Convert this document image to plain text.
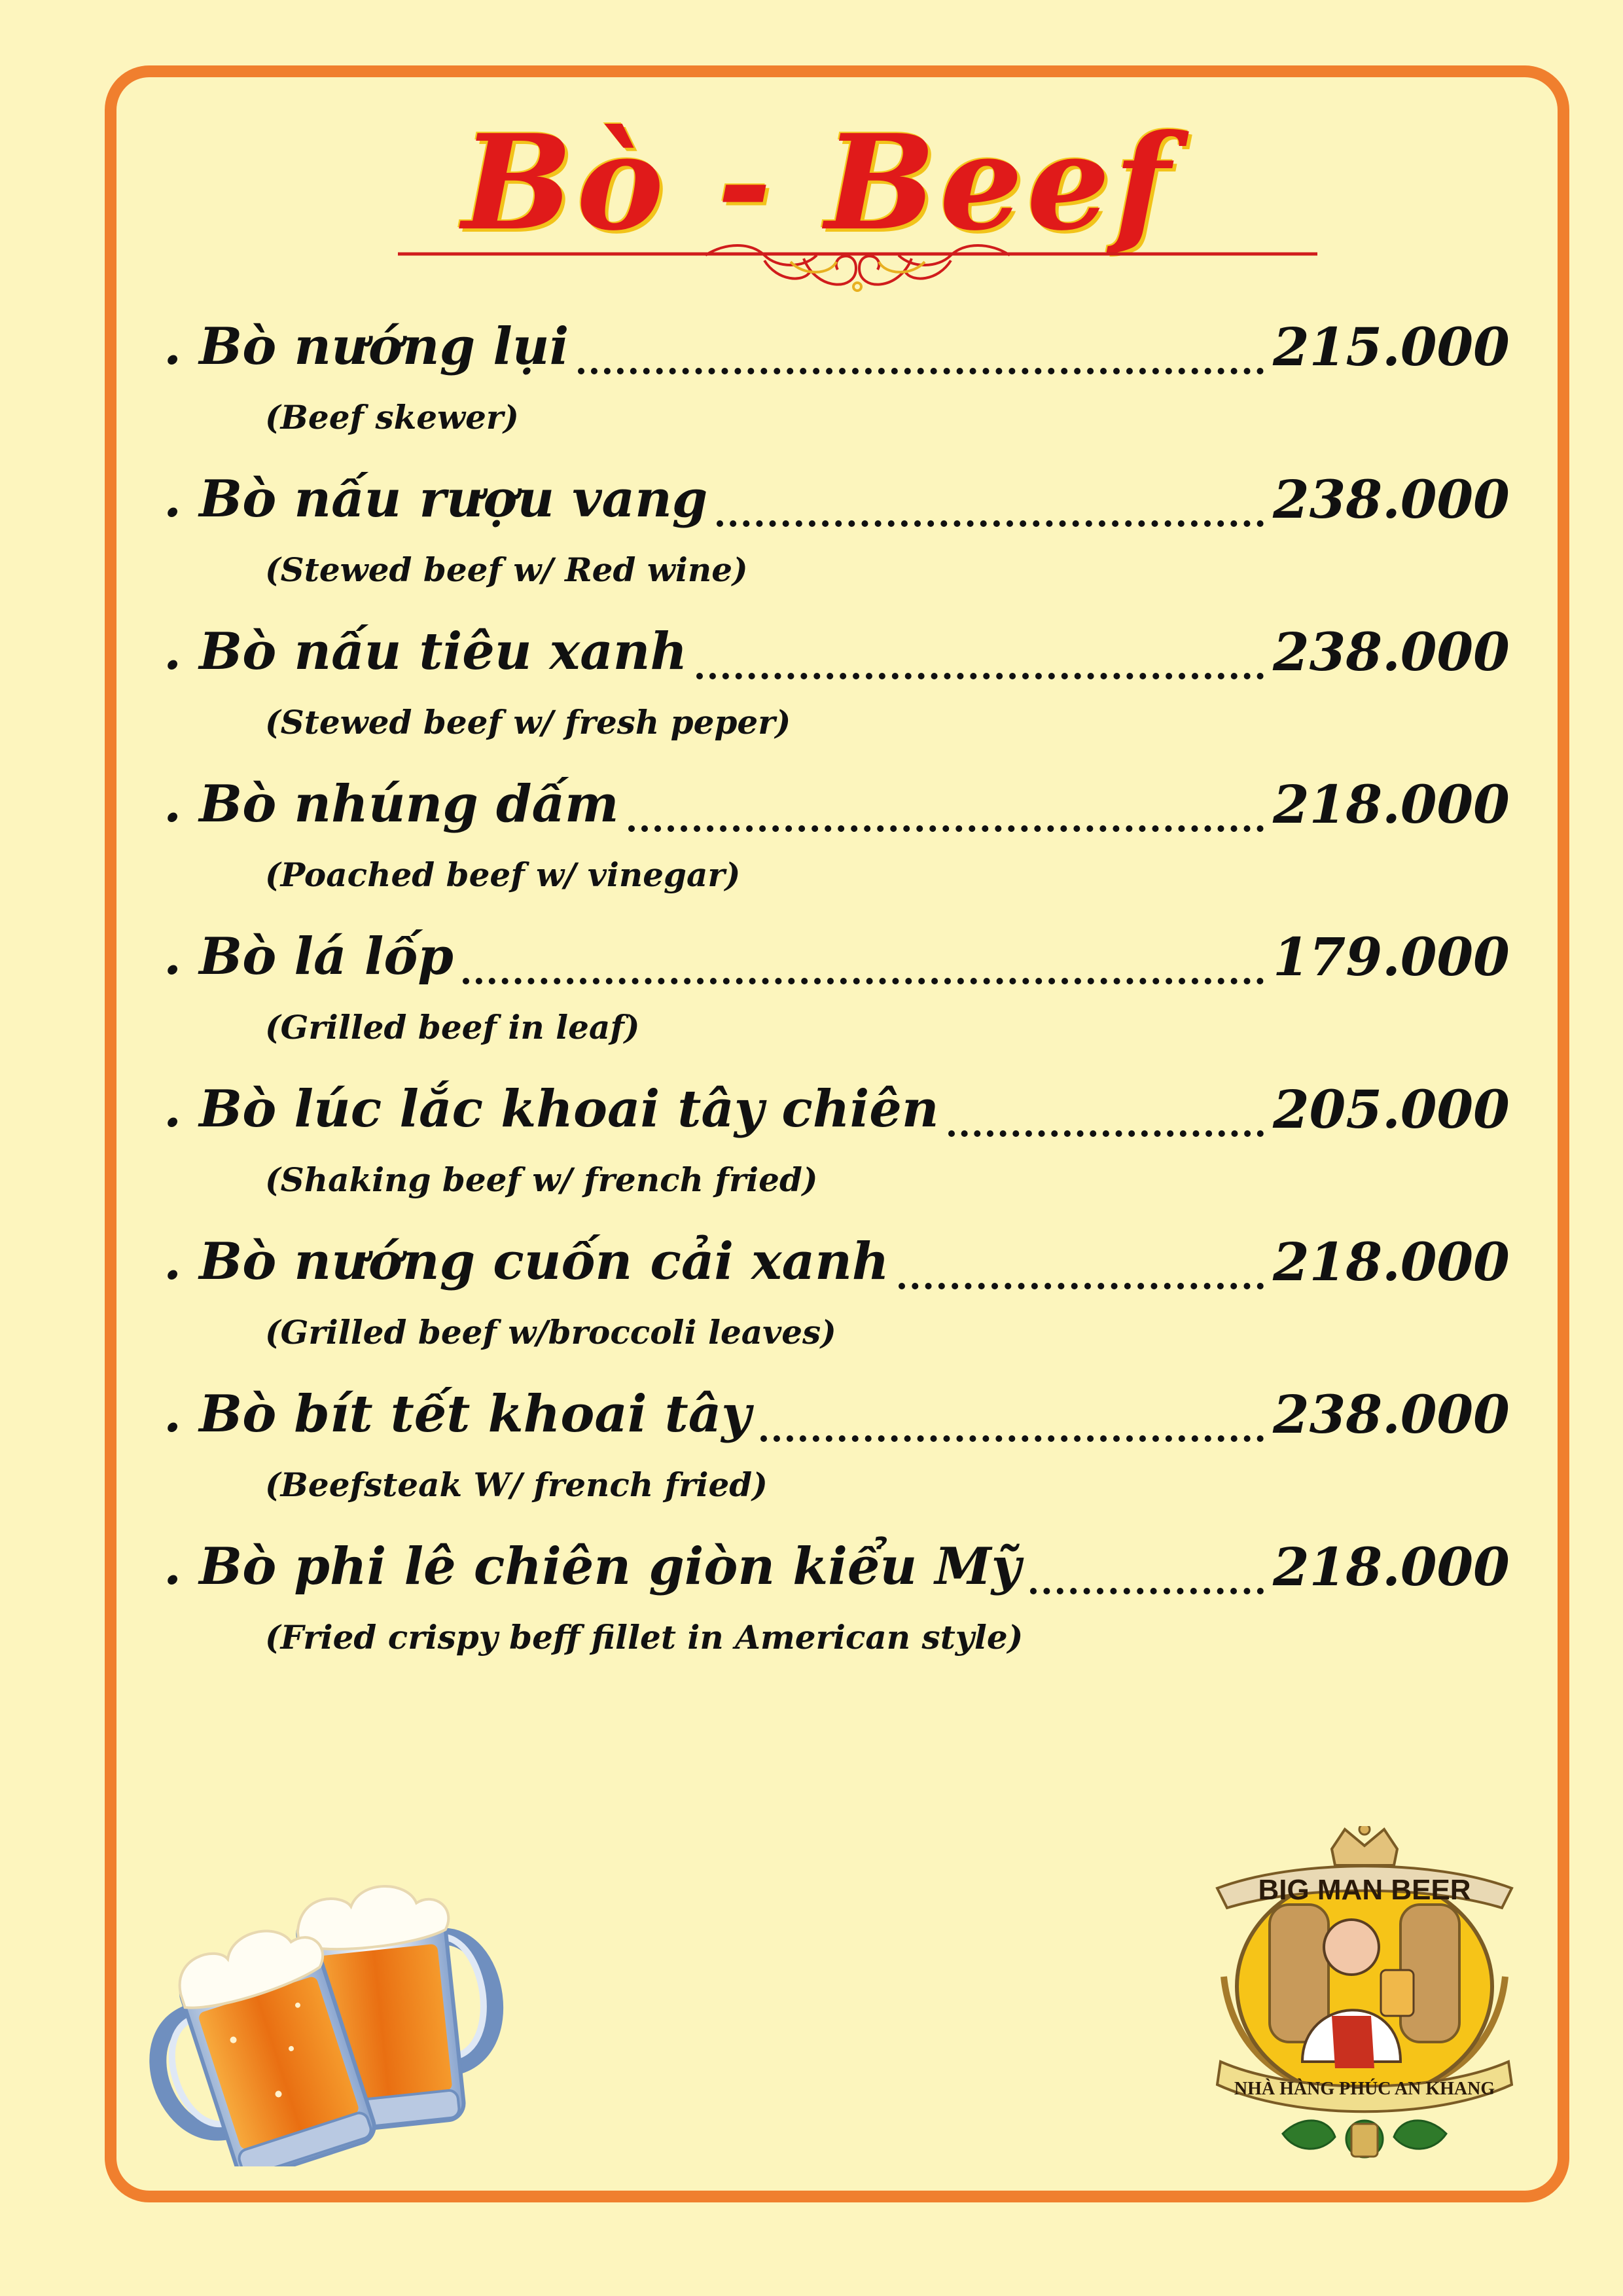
Bò - Beef
. Bò nướng lụi	215.000
(Beef skewer)
. Bò nấu rượu vang	238.000
(Stewed beef w/ Red wine)
. Bò nấu tiêu xanh	238.000
(Stewed beef w/ fresh peper)
. Bò nhúng dấm	218.000
(Poached beef w/ vinegar)
. Bò lá lốp	179.000
(Grilled beef in leaf)
. Bò lúc lắc khoai tây chiên	205.000
(Shaking beef w/ french fried)
. Bò nướng cuốn cải xanh	218.000
(Grilled beef w/broccoli leaves)
. Bò bít tết khoai tây	238.000
(Beefsteak W/ french fried)
. Bò phi lê chiên giòn kiểu Mỹ	218.000
(Fried crispy beff fillet in American style)
BIG MAN BEER
NHÀ HÀNG PHÚC AN KHANG
